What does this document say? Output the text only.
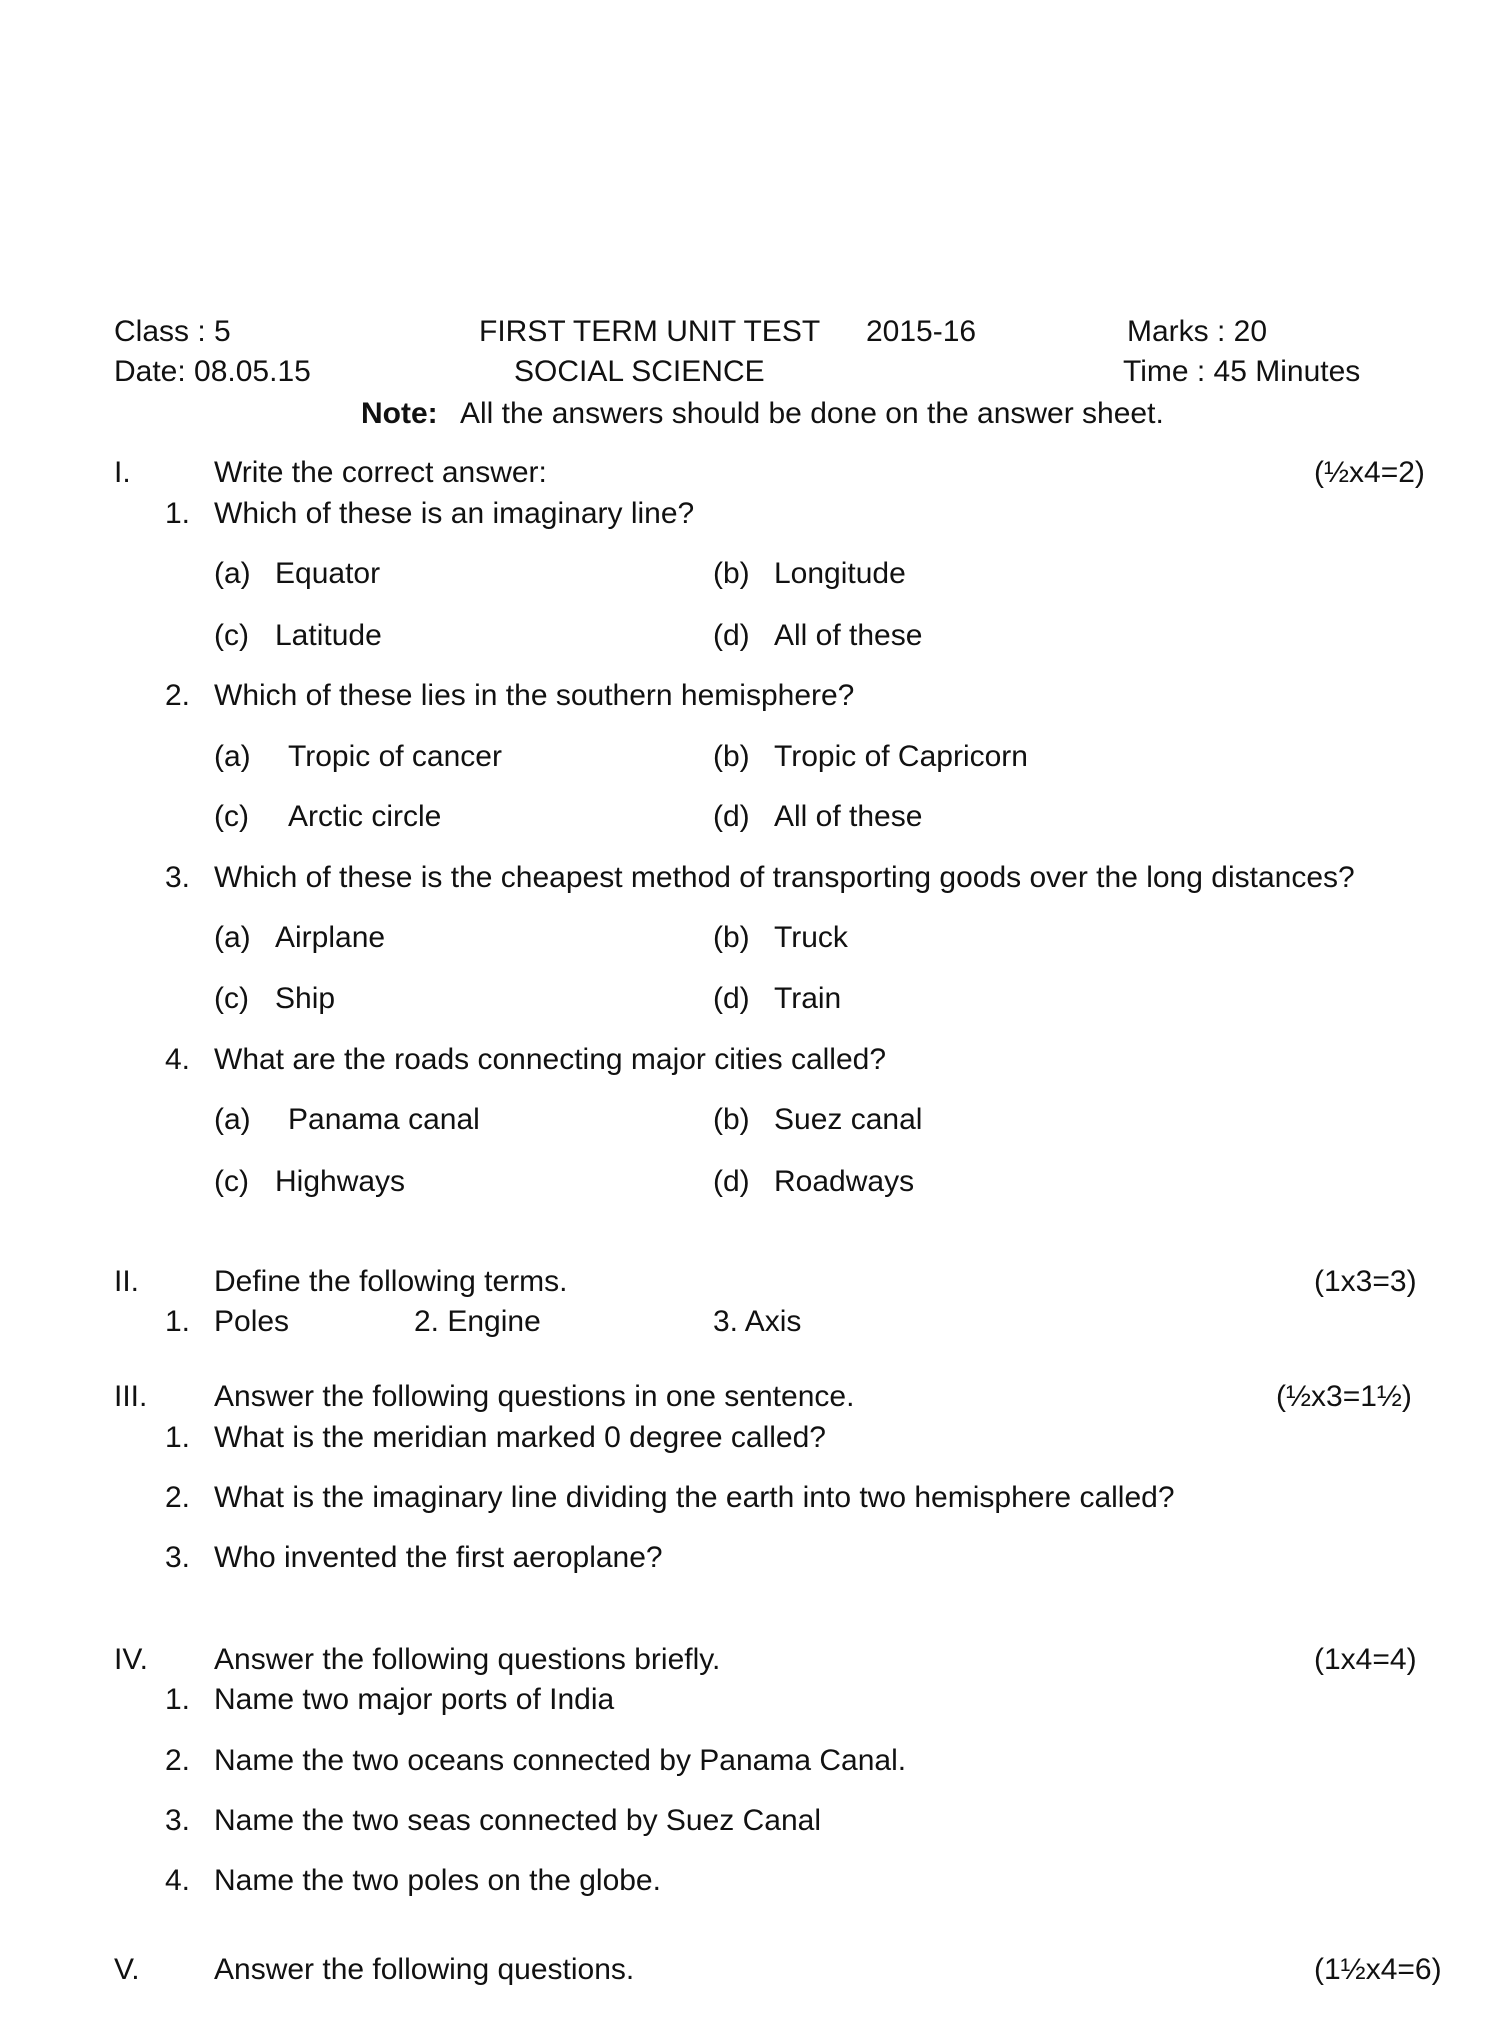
Class : 5	FIRST TERM UNIT TEST 2015-16	Marks : 20
Date: 08.05.15	SOCIAL SCIENCE	Time : 45 Minutes
Note: All the answers should be done on the answer sheet.
I.	Write the correct answer:	(½x4=2)
1. Which of these is an imaginary line?
(a) Equator	(b) Longitude
(c) Latitude	(d) All of these
2. Which of these lies in the southern hemisphere?
(a) Tropic of cancer	(b) Tropic of Capricorn
(c) Arctic circle	(d) All of these
3. Which of these is the cheapest method of transporting goods over the long distances?
(a) Airplane	(b) Truck
(c) Ship	(d) Train
4. What are the roads connecting major cities called?
(a) Panama canal	(b) Suez canal
(c) Highways	(d) Roadways
II. Define the following terms.	(1x3=3)
1. Poles	2. Engine	3. Axis
III. Answer the following questions in one sentence.	(½x3=1½)
1. What is the meridian marked 0 degree called?
2. What is the imaginary line dividing the earth into two hemisphere called?
3. Who invented the first aeroplane?
IV. Answer the following questions briefly.	(1x4=4)
1. Name two major ports of India
2. Name the two oceans connected by Panama Canal.
3. Name the two seas connected by Suez Canal
4. Name the two poles on the globe.
V. Answer the following questions.	(1½x4=6)
